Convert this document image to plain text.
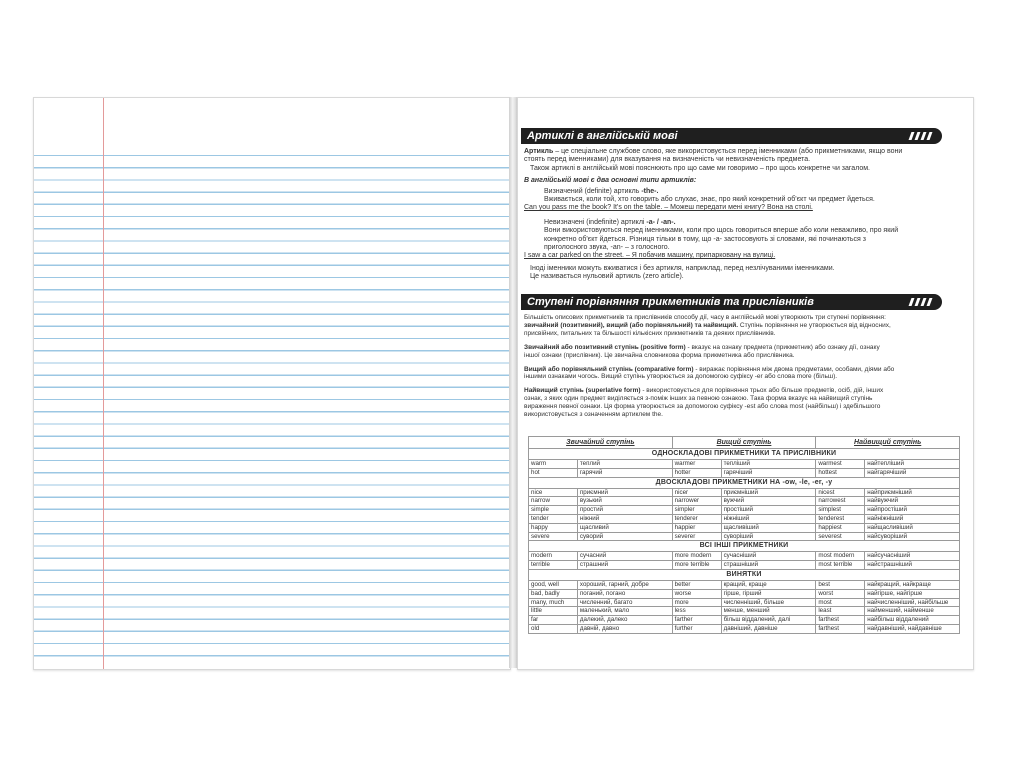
Артиклі в англійській мові

Артикль – це спеціальне службове слово, яке використовується перед іменниками (або прикметниками, якщо вони

стоять перед іменниками) для вказування на визначеність чи невизначеність предмета.

Також артиклі в англійській мові пояснюють про що саме ми говоримо – про щось конкретне чи загалом.

В англійській мові є два основні типи артиклів:

Визначений (definite) артикль -the-.

Вживається, коли той, хто говорить або слухає, знає, про який конкретний об'єкт чи предмет йдеться.

Can you pass me the book? It's on the table. – Можеш передати мені книгу? Вона на столі.

Невизначені (indefinite) артиклі -a- / -an-.

Вони використовуються перед іменниками, коли про щось говориться вперше або коли неважливо, про який

конкретно об'єкт йдеться. Різниця тільки в тому, що -a- застосовують зі словами, які починаються з

приголосного звука, -an- – з голосного.

I saw a car parked on the street. – Я побачив машину, припарковану на вулиці.

Іноді іменники можуть вживатися і без артикля, наприклад, перед незлічуваними іменниками.

Це називається нульовий артикль (zero article).

Ступені порівняння прикметників та прислівників

Більшість описових прикметників та прислівників способу дії, часу в англійській мові утворюють три ступені порівняння:

звичайний (позитивний), вищий (або порівняльний) та найвищий. Ступінь порівняння не утворюється від відносних,

присвійних, питальних та більшості кількісних прикметників та деяких прислівників.

Звичайний або позитивний ступінь (positive form) - вказує на ознаку предмета (прикметник) або ознаку дії, ознаку

іншої ознаки (прислівник). Це звичайна словникова форма прикметника або прислівника.

Вищий або порівняльний ступінь (comparative form) - виражає порівняння між двома предметами, особами, діями або

іншими ознаками чогось. Вищий ступінь утворюється за допомогою суфіксу -er або слова more (більш).

Найвищий ступінь (superlative form) - використовується для порівняння трьох або більше предметів, осіб, дій, інших

ознак, з яких один предмет виділяється з-поміж інших за певною ознакою. Така форма вказує на найвищий ступінь

вираження певної ознаки. Ця форма утворюється за допомогою суфіксу -est або слова most (найбільш) і здебільшого

використовується з означенням артиклем the.

Звичайний ступінь		Вищий ступінь		Найвищий ступінь	
ОДНОСКЛАДОВІ ПРИКМЕТНИКИ ТА ПРИСЛІВНИКИ					
warm	теплий	warmer	тепліший	warmest	найтепліший
hot	гарячий	hotter	гарячіший	hottest	найгарячіший
ДВОСКЛАДОВІ ПРИКМЕТНИКИ НА -ow, -le, -er, -y					
nice	приємний	nicer	приємніший	nicest	найприємніший
narrow	вузький	narrower	вужчий	narrowest	найвужчий
simple	простий	simpler	простіший	simplest	найпростіший
tender	ніжний	tenderer	ніжніший	tenderest	найніжніший
happy	щасливий	happier	щасливіший	happiest	найщасливіший
severe	суворий	severer	суворіший	severest	найсуворіший
ВСІ ІНШІ ПРИКМЕТНИКИ					
modern	сучасний	more modern	сучасніший	most modern	найсучасніший
terrible	страшний	more terrible	страшніший	most terrible	найстрашніший
ВИНЯТКИ					
good, well	хороший, гарний, добре	better	кращий, краще	best	найкращий, найкраще
bad, badly	поганий, погано	worse	гірше, гірший	worst	найгірше, найгірше
many, much	численний, багато	more	численніший, більше	most	найчисленніший, найбільше
little	маленький, мало	less	менше, менший	least	найменший, найменше
far	далекий, далеко	farther	більш віддалений, далі	farthest	найбільш віддалений
old	давній, давно	further	давніший, давніше	farthest	найдавніший, найдавніше
